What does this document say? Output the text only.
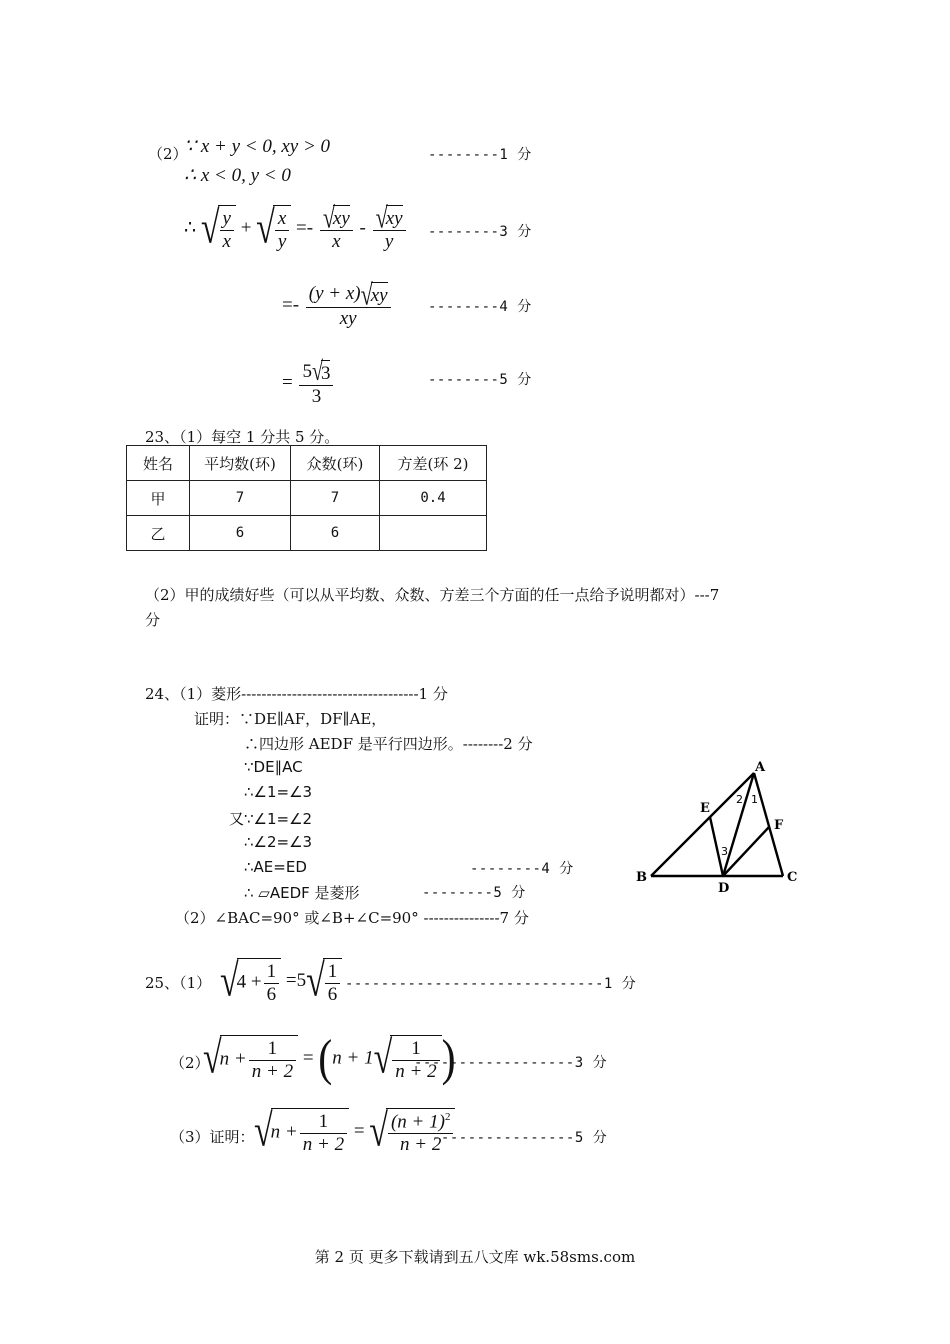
（2）
∵ x + y < 0, xy > 0	--------1 分
∴ x < 0, y < 0
∴ √ $\frac{y}{x}$ + √ $\frac{x}{y} =- \frac{√xy}{x} - \frac{√xy}{y} --------3$ 分
=- $\frac{(y + x)√xy}{xy}$	--------4 分
= $\frac{5√3}{3}$	--------5 分
23、（1）每空 1 分共 5 分。
姓名	平均数(环)	众数(环)	方差(环 2)
甲	7	7	0.4
乙	6	6	
（2）甲的成绩好些（可以从平均数、众数、方差三个方面的任一点给予说明都对）---7
分
24、（1）菱形-----------------------------------1 分
证明：∵DE∥AF，DF∥AE，
∴四边形 AEDF 是平行四边形。--------2 分
∵DE∥AC
∴∠1=∠3
又∵∠1=∠2
∴∠2=∠3
∴AE=ED	--------4 分
∴ ▱AEDF 是菱形	--------5 分
（2）∠BAC=90° 或∠B+∠C=90° ---------------7 分
A
B	C
D
E
F
2 1
3
25、（1） $√4 + \frac{1}{6} =5√ \frac{1}{6} -----------------------------1$ 分
（2）
$√n + \frac{1}{n + 2} = (n + 1√ \frac{1}{n + 2}$ )
------------------3 分
（3）证明： $√n + \frac{1}{n + 2}$ = √ $\frac{(n + 1)^2}{n + 2}$
----------------5 分
第 2 页 更多下载请到五八文库 wk.58sms.com
